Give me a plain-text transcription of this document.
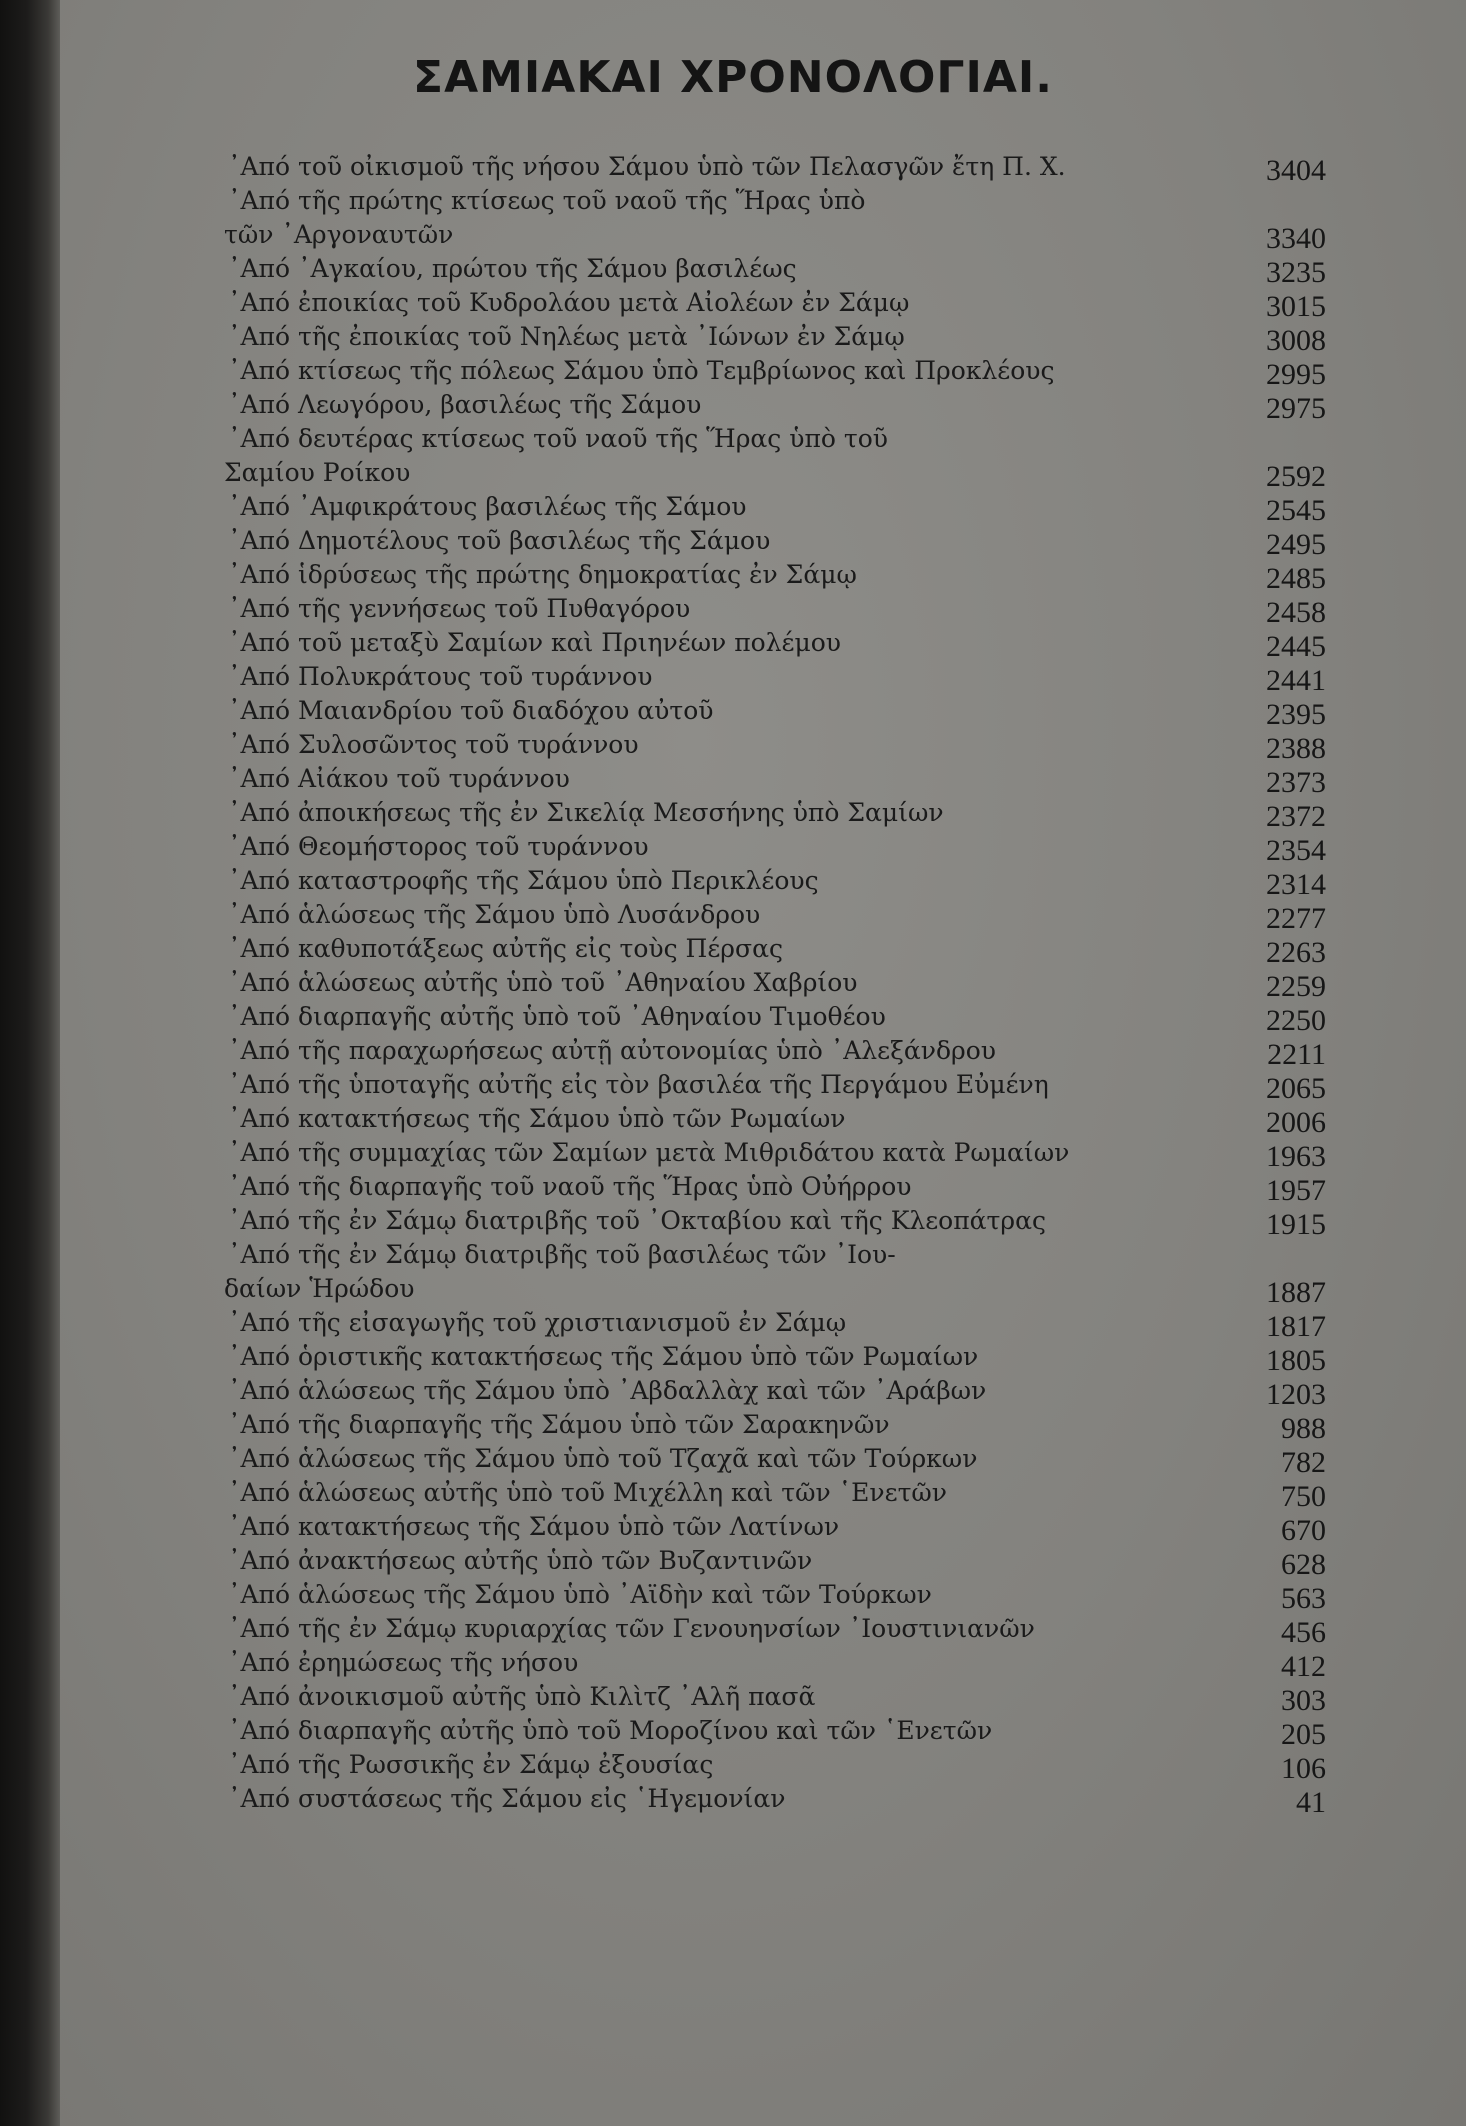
ΣΑΜΙΑΚΑΙ ΧΡΟΝΟΛΟΓΙΑΙ.
᾿Από τοῦ οἰκισμοῦ τῆς νήσου Σάμου ὑπὸ τῶν Πελασγῶν ἔτη Π. Χ.	3404
᾿Από τῆς πρώτης κτίσεως τοῦ ναοῦ τῆς Ἥρας ὑπὸ
τῶν ᾿Αργοναυτῶν	3340
᾿Από ᾿Αγκαίου, πρώτου τῆς Σάμου βασιλέως	3235
᾿Από ἐποικίας τοῦ Κυδρολάου μετὰ Αἰολέων ἐν Σάμῳ	3015
᾿Από τῆς ἐποικίας τοῦ Νηλέως μετὰ ᾿Ιώνων ἐν Σάμῳ	3008
᾿Από κτίσεως τῆς πόλεως Σάμου ὑπὸ Τεμβρίωνος καὶ Προκλέους	2995
᾿Από Λεωγόρου, βασιλέως τῆς Σάμου	2975
᾿Από δευτέρας κτίσεως τοῦ ναοῦ τῆς Ἥρας ὑπὸ τοῦ
Σαμίου Ροίκου	2592
᾿Από ᾿Αμφικράτους βασιλέως τῆς Σάμου	2545
᾿Από Δημοτέλους τοῦ βασιλέως τῆς Σάμου	2495
᾿Από ἱδρύσεως τῆς πρώτης δημοκρατίας ἐν Σάμῳ	2485
᾿Από τῆς γεννήσεως τοῦ Πυθαγόρου	2458
᾿Από τοῦ μεταξὺ Σαμίων καὶ Πριηνέων πολέμου	2445
᾿Από Πολυκράτους τοῦ τυράννου	2441
᾿Από Μαιανδρίου τοῦ διαδόχου αὐτοῦ	2395
᾿Από Συλοσῶντος τοῦ τυράννου	2388
᾿Από Αἰάκου τοῦ τυράννου	2373
᾿Από ἀποικήσεως τῆς ἐν Σικελίᾳ Μεσσήνης ὑπὸ Σαμίων	2372
᾿Από Θεομήστορος τοῦ τυράννου	2354
᾿Από καταστροφῆς τῆς Σάμου ὑπὸ Περικλέους	2314
᾿Από ἁλώσεως τῆς Σάμου ὑπὸ Λυσάνδρου	2277
᾿Από καθυποτάξεως αὐτῆς εἰς τοὺς Πέρσας	2263
᾿Από ἁλώσεως αὐτῆς ὑπὸ τοῦ ᾿Αθηναίου Χαβρίου	2259
᾿Από διαρπαγῆς αὐτῆς ὑπὸ τοῦ ᾿Αθηναίου Τιμοθέου	2250
᾿Από τῆς παραχωρήσεως αὐτῇ αὐτονομίας ὑπὸ ᾿Αλεξάνδρου	2211
᾿Από τῆς ὑποταγῆς αὐτῆς εἰς τὸν βασιλέα τῆς Περγάμου Εὐμένη	2065
᾿Από κατακτήσεως τῆς Σάμου ὑπὸ τῶν Ρωμαίων	2006
᾿Από τῆς συμμαχίας τῶν Σαμίων μετὰ Μιθριδάτου κατὰ Ρωμαίων	1963
᾿Από τῆς διαρπαγῆς τοῦ ναοῦ τῆς Ἥρας ὑπὸ Οὐήρρου	1957
᾿Από τῆς ἐν Σάμῳ διατριβῆς τοῦ ᾿Οκταβίου καὶ τῆς Κλεοπάτρας	1915
᾿Από τῆς ἐν Σάμῳ διατριβῆς τοῦ βασιλέως τῶν ᾿Ιου-
δαίων Ἡρώδου	1887
᾿Από τῆς εἰσαγωγῆς τοῦ χριστιανισμοῦ ἐν Σάμῳ	1817
᾿Από ὁριστικῆς κατακτήσεως τῆς Σάμου ὑπὸ τῶν Ρωμαίων	1805
᾿Από ἁλώσεως τῆς Σάμου ὑπὸ ᾿Αβδαλλὰχ καὶ τῶν ᾿Αράβων	1203
᾿Από τῆς διαρπαγῆς τῆς Σάμου ὑπὸ τῶν Σαρακηνῶν	988
᾿Από ἁλώσεως τῆς Σάμου ὑπὸ τοῦ Τζαχᾶ καὶ τῶν Τούρκων	782
᾿Από ἁλώσεως αὐτῆς ὑπὸ τοῦ Μιχέλλη καὶ τῶν ῾Ενετῶν	750
᾿Από κατακτήσεως τῆς Σάμου ὑπὸ τῶν Λατίνων	670
᾿Από ἀνακτήσεως αὐτῆς ὑπὸ τῶν Βυζαντινῶν	628
᾿Από ἁλώσεως τῆς Σάμου ὑπὸ ᾿Αϊδὴν καὶ τῶν Τούρκων	563
᾿Από τῆς ἐν Σάμῳ κυριαρχίας τῶν Γενουηνσίων ᾿Ιουστινιανῶν	456
᾿Από ἐρημώσεως τῆς νήσου	412
᾿Από ἀνοικισμοῦ αὐτῆς ὑπὸ Κιλὶτζ ᾿Αλῆ πασᾶ	303
᾿Από διαρπαγῆς αὐτῆς ὑπὸ τοῦ Μοροζίνου καὶ τῶν ῾Ενετῶν	205
᾿Από τῆς Ρωσσικῆς ἐν Σάμῳ ἐξουσίας	106
᾿Από συστάσεως τῆς Σάμου εἰς ῾Ηγεμονίαν	41
